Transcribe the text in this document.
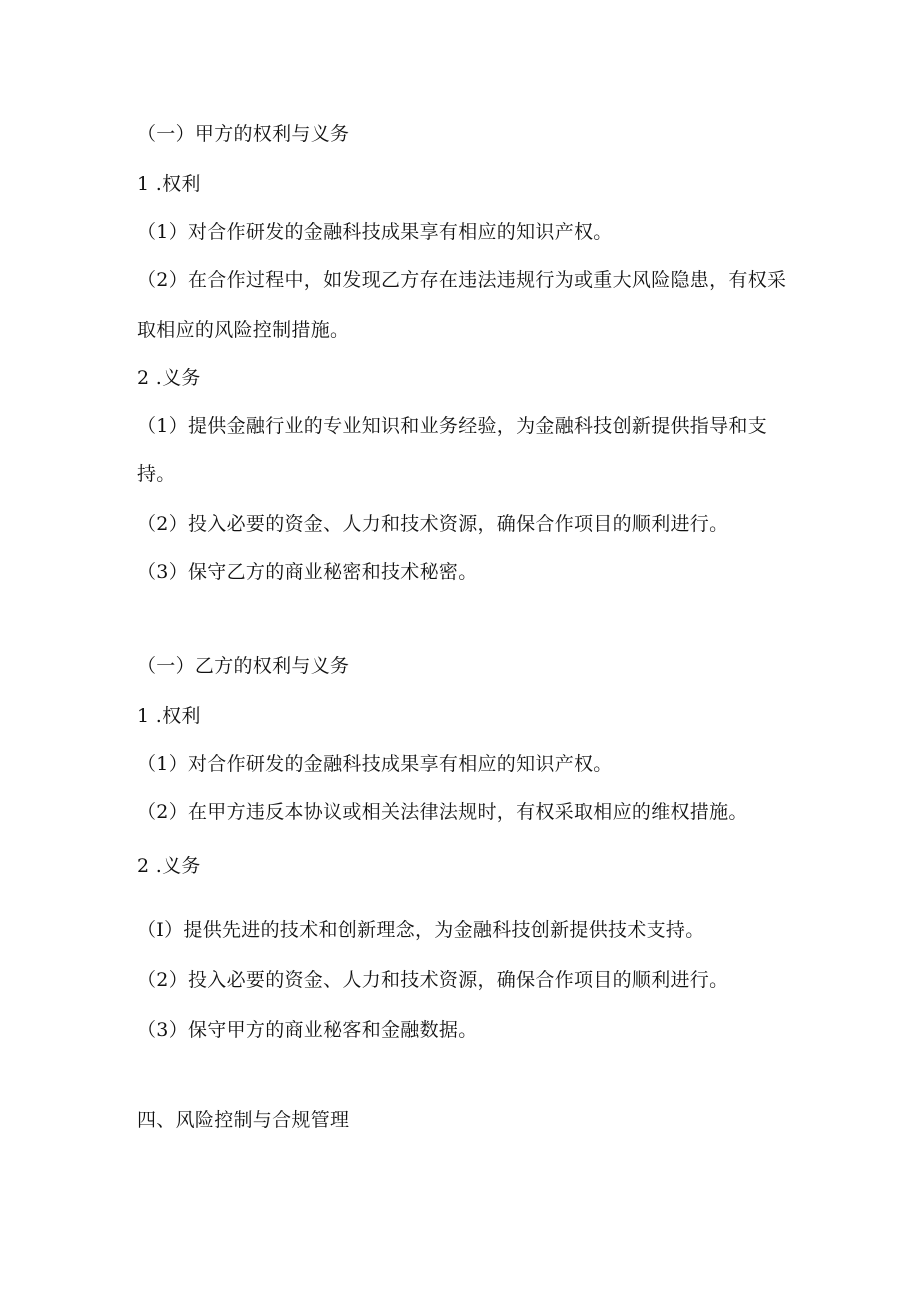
（一）甲方的权利与义务
1 .权利
（1）对合作研发的金融科技成果享有相应的知识产权。
（2）在合作过程中，如发现乙方存在违法违规行为或重大风险隐患，有权采
取相应的风险控制措施。
2 .义务
（1）提供金融行业的专业知识和业务经验，为金融科技创新提供指导和支
持。
（2）投入必要的资金、人力和技术资源，确保合作项目的顺利进行。
（3）保守乙方的商业秘密和技术秘密。
（一）乙方的权利与义务
1 .权利
（1）对合作研发的金融科技成果享有相应的知识产权。
（2）在甲方违反本协议或相关法律法规时，有权采取相应的维权措施。
2 .义务
（I）提供先进的技术和创新理念，为金融科技创新提供技术支持。
（2）投入必要的资金、人力和技术资源，确保合作项目的顺利进行。
（3）保守甲方的商业秘客和金融数据。
四、风险控制与合规管理
